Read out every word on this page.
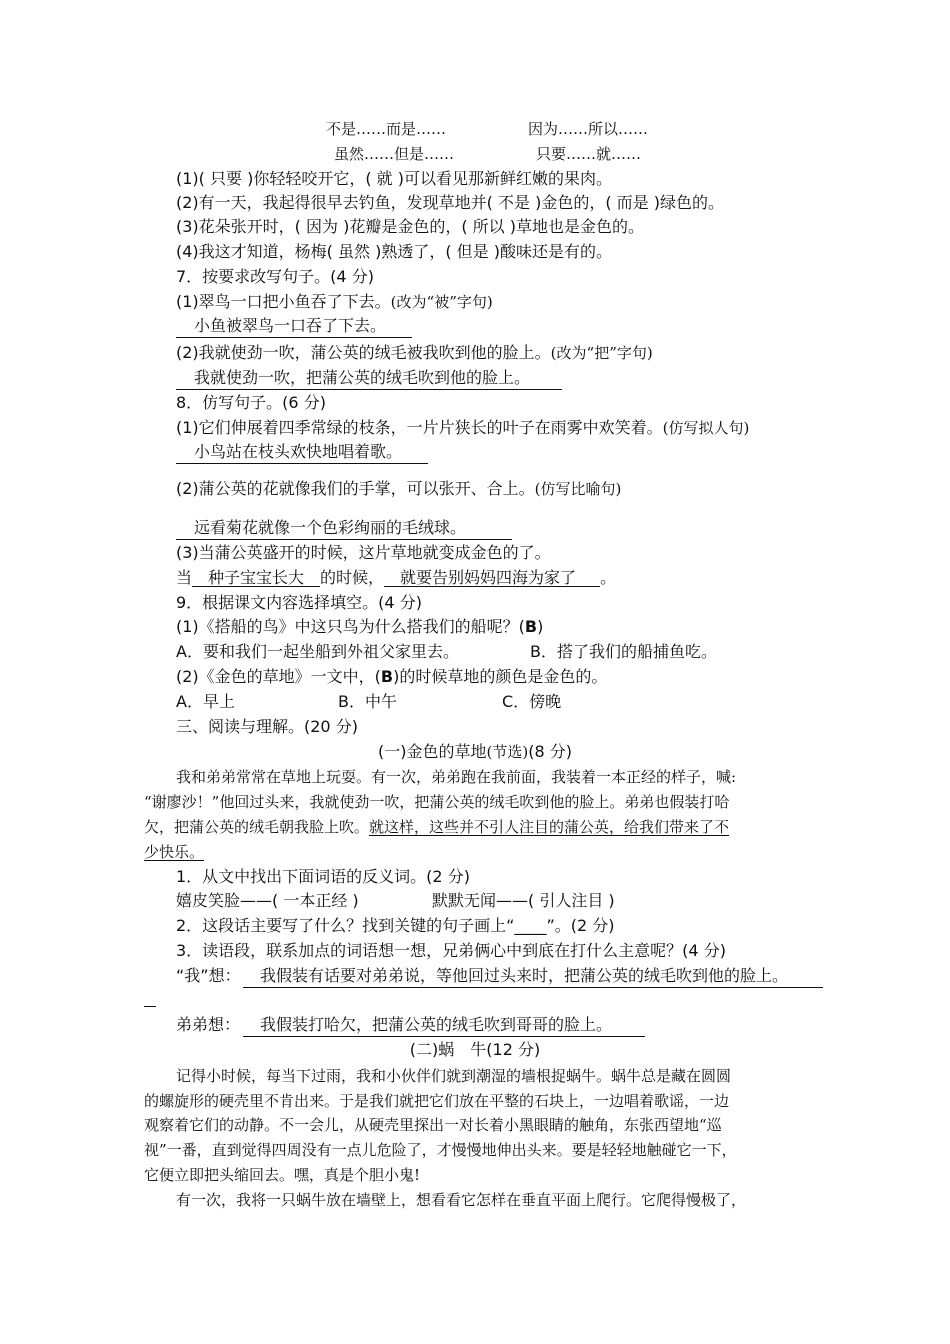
不是……而是……	因为……所以……
虽然……但是……	只要……就……
(1)( 只要 )你轻轻咬开它，( 就 )可以看见那新鲜红嫩的果肉。
(2)有一天，我起得很早去钓鱼，发现草地并( 不是 )金色的，( 而是 )绿色的。
(3)花朵张开时，( 因为 )花瓣是金色的，( 所以 )草地也是金色的。
(4)我这才知道，杨梅( 虽然 )熟透了，( 但是 )酸味还是有的。
7．按要求改写句子。(4 分)
(1)翠鸟一口把小鱼吞了下去。(改为“被”字句)
小鱼被翠鸟一口吞了下去。
(2)我就使劲一吹，蒲公英的绒毛被我吹到他的脸上。(改为“把”字句)
我就使劲一吹，把蒲公英的绒毛吹到他的脸上。
8．仿写句子。(6 分)
(1)它们伸展着四季常绿的枝条，一片片狭长的叶子在雨雾中欢笑着。(仿写拟人句)
小鸟站在枝头欢快地唱着歌。
(2)蒲公英的花就像我们的手掌，可以张开、合上。(仿写比喻句)
远看菊花就像一个色彩绚丽的毛绒球。
(3)当蒲公英盛开的时候，这片草地就变成金色的了。
当   种子宝宝长大   的时候，   就要告别妈妈四海为家了    。
9．根据课文内容选择填空。(4 分)
(1)《搭船的鸟》中这只鸟为什么搭我们的船呢？(B)
A．要和我们一起坐船到外祖父家里去。	B．搭了我们的船捕鱼吃。
(2)《金色的草地》一文中，(B)的时候草地的颜色是金色的。
A．早上	B．中午	C．傍晚
三、阅读与理解。(20 分)
(一)金色的草地(节选)(8 分)
我和弟弟常常在草地上玩耍。有一次，弟弟跑在我前面，我装着一本正经的样子，喊:
“谢廖沙！”他回过头来，我就使劲一吹，把蒲公英的绒毛吹到他的脸上。弟弟也假装打哈
欠，把蒲公英的绒毛朝我脸上吹。就这样，这些并不引人注目的蒲公英，给我们带来了不
少快乐。
1．从文中找出下面词语的反义词。(2 分)
嬉皮笑脸——( 一本正经 )	默默无闻——( 引人注目 )
2．这段话主要写了什么？找到关键的句子画上“____”。(2 分)
3．读语段，联系加点的词语想一想，兄弟俩心中到底在打什么主意呢？(4 分)
“我”想： 我假装有话要对弟弟说，等他回过头来时，把蒲公英的绒毛吹到他的脸上。
弟弟想： 我假装打哈欠，把蒲公英的绒毛吹到哥哥的脸上。
(二)蜗　牛(12 分)
记得小时候，每当下过雨，我和小伙伴们就到潮湿的墙根捉蜗牛。蜗牛总是藏在圆圆
的螺旋形的硬壳里不肯出来。于是我们就把它们放在平整的石块上，一边唱着歌谣，一边
观察着它们的动静。不一会儿，从硬壳里探出一对长着小黑眼睛的触角，东张西望地“巡
视”一番，直到觉得四周没有一点儿危险了，才慢慢地伸出头来。要是轻轻地触碰它一下，
它便立即把头缩回去。嘿，真是个胆小鬼!
有一次，我将一只蜗牛放在墙壁上，想看看它怎样在垂直平面上爬行。它爬得慢极了，
